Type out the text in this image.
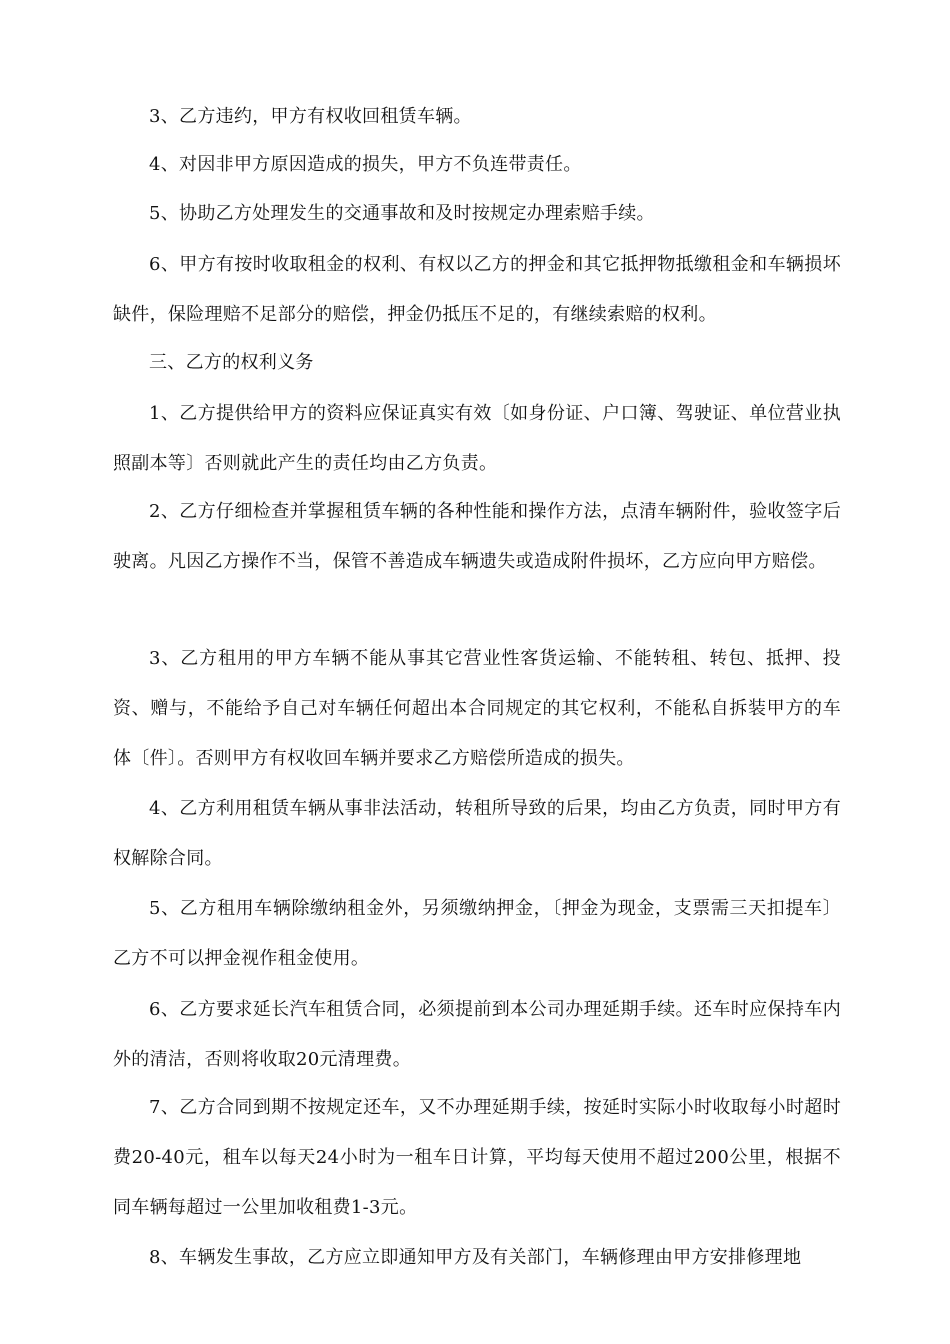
3、乙方违约，甲方有权收回租赁车辆。

4、对因非甲方原因造成的损失，甲方不负连带责任。

5、协助乙方处理发生的交通事故和及时按规定办理索赔手续。

6、甲方有按时收取租金的权利、有权以乙方的押金和其它抵押物抵缴租金和车辆损坏缺件，保险理赔不足部分的赔偿，押金仍抵压不足的，有继续索赔的权利。

三、乙方的权利义务

1、乙方提供给甲方的资料应保证真实有效〔如身份证、户口簿、驾驶证、单位营业执照副本等〕否则就此产生的责任均由乙方负责。

2、乙方仔细检查并掌握租赁车辆的各种性能和操作方法，点清车辆附件，验收签字后驶离。凡因乙方操作不当，保管不善造成车辆遗失或造成附件损坏，乙方应向甲方赔偿。

3、乙方租用的甲方车辆不能从事其它营业性客货运输、不能转租、转包、抵押、投资、赠与，不能给予自己对车辆任何超出本合同规定的其它权利，不能私自拆装甲方的车体〔件〕。否则甲方有权收回车辆并要求乙方赔偿所造成的损失。

4、乙方利用租赁车辆从事非法活动，转租所导致的后果，均由乙方负责，同时甲方有权解除合同。

5、乙方租用车辆除缴纳租金外，另须缴纳押金，〔押金为现金，支票需三天扣提车〕乙方不可以押金视作租金使用。

6、乙方要求延长汽车租赁合同，必须提前到本公司办理延期手续。还车时应保持车内外的清洁，否则将收取20元清理费。

7、乙方合同到期不按规定还车，又不办理延期手续，按延时实际小时收取每小时超时费20-40元，租车以每天24小时为一租车日计算，平均每天使用不超过200公里，根据不同车辆每超过一公里加收租费1-3元。

8、车辆发生事故，乙方应立即通知甲方及有关部门，车辆修理由甲方安排修理地
